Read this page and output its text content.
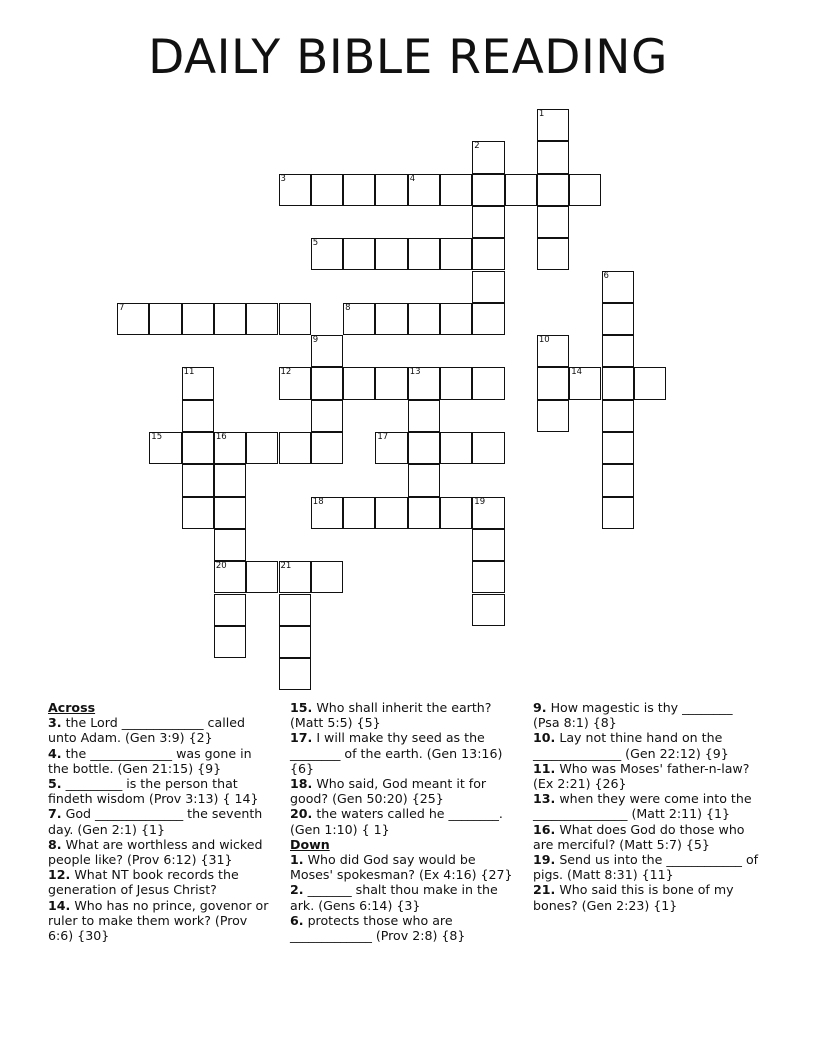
DAILY BIBLE READING
1
2
3	4
5
6
7	8
9	10
11	12	13	14
15	16	17
18	19
21
20

Across

3. the Lord _____________ called unto Adam. (Gen 3:9) {2}

4. the _____________ was gone in the bottle. (Gen 21:15) {9}

5. _________ is the person that findeth wisdom (Prov 3:13) { 14}

7. God ______________ the seventh day. (Gen 2:1) {1}

8. What are worthless and wicked people like? (Prov 6:12) {31}

12. What NT book records the generation of Jesus Christ?

14. Who has no prince, govenor or ruler to make them work? (Prov 6:6) {30}

15. Who shall inherit the earth? (Matt 5:5) {5}

17. I will make thy seed as the ________ of the earth. (Gen 13:16) {6}

18. Who said, God meant it for good? (Gen 50:20) {25}

20. the waters called he ________. (Gen 1:10) { 1}

Down

1. Who did God say would be Moses' spokesman? (Ex 4:16) {27}

2. _______ shalt thou make in the ark. (Gens 6:14) {3}

6. protects those who are _____________ (Prov 2:8) {8}

9. How magestic is thy ________ (Psa 8:1) {8}

10. Lay not thine hand on the ______________ (Gen 22:12) {9}

11. Who was Moses' father-n-law? (Ex 2:21) {26}

13. when they were come into the _______________ (Matt 2:11) {1}

16. What does God do those who are merciful? (Matt 5:7) {5}

19. Send us into the ____________ of pigs. (Matt 8:31) {11}

21. Who said this is bone of my bones? (Gen 2:23) {1}
